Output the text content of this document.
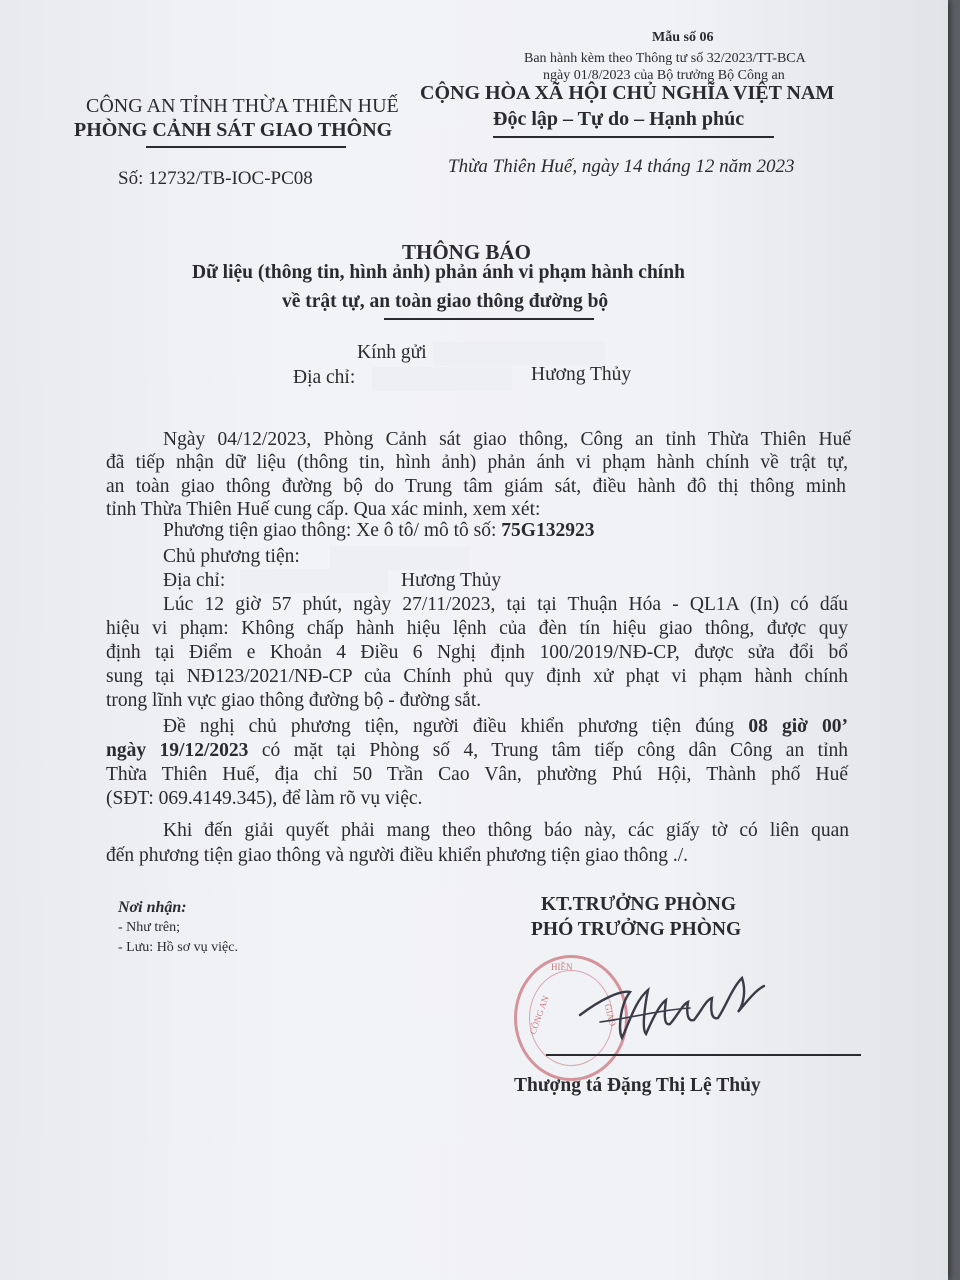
Mẫu số 06
Ban hành kèm theo Thông tư số 32/2023/TT-BCA
ngày 01/8/2023 của Bộ trưởng Bộ Công an
CÔNG AN TỈNH THỪA THIÊN HUẾ
PHÒNG CẢNH SÁT GIAO THÔNG
CỘNG HÒA XÃ HỘI CHỦ NGHĨA VIỆT NAM
Độc lập – Tự do – Hạnh phúc
Số: 12732/TB-IOC-PC08
Thừa Thiên Huế, ngày 14 tháng 12 năm 2023
THÔNG BÁO
Dữ liệu (thông tin, hình ảnh) phản ánh vi phạm hành chính
về trật tự, an toàn giao thông đường bộ
Kính gửi
Địa chỉ:	Hương Thủy
Ngày 04/12/2023, Phòng Cảnh sát giao thông, Công an tỉnh Thừa Thiên Huế
đã tiếp nhận dữ liệu (thông tin, hình ảnh) phản ánh vi phạm hành chính về trật tự,
an toàn giao thông đường bộ do Trung tâm giám sát, điều hành đô thị thông minh
tỉnh Thừa Thiên Huế cung cấp. Qua xác minh, xem xét:
Phương tiện giao thông: Xe ô tô/ mô tô số: 75G132923
Chủ phương tiện:
Địa chỉ:	Hương Thủy
Lúc 12 giờ 57 phút, ngày 27/11/2023, tại tại Thuận Hóa - QL1A (In) có dấu
hiệu vi phạm: Không chấp hành hiệu lệnh của đèn tín hiệu giao thông, được quy
định tại Điểm e Khoản 4 Điều 6 Nghị định 100/2019/NĐ-CP, được sửa đổi bổ
sung tại NĐ123/2021/NĐ-CP của Chính phủ quy định xử phạt vi phạm hành chính
trong lĩnh vực giao thông đường bộ - đường sắt.
Đề nghị chủ phương tiện, người điều khiển phương tiện đúng 08 giờ 00’
ngày 19/12/2023 có mặt tại Phòng số 4, Trung tâm tiếp công dân Công an tỉnh
Thừa Thiên Huế, địa chỉ 50 Trần Cao Vân, phường Phú Hội, Thành phố Huế
(SĐT: 069.4149.345), để làm rõ vụ việc.
Khi đến giải quyết phải mang theo thông báo này, các giấy tờ có liên quan
đến phương tiện giao thông và người điều khiển phương tiện giao thông ./.
Nơi nhận:
- Như trên;
- Lưu: Hồ sơ vụ việc.
KT.TRƯỞNG PHÒNG
PHÓ TRƯỞNG PHÒNG
HIỀN
CÔNG AN	GIAO
Thượng tá Đặng Thị Lệ Thủy
